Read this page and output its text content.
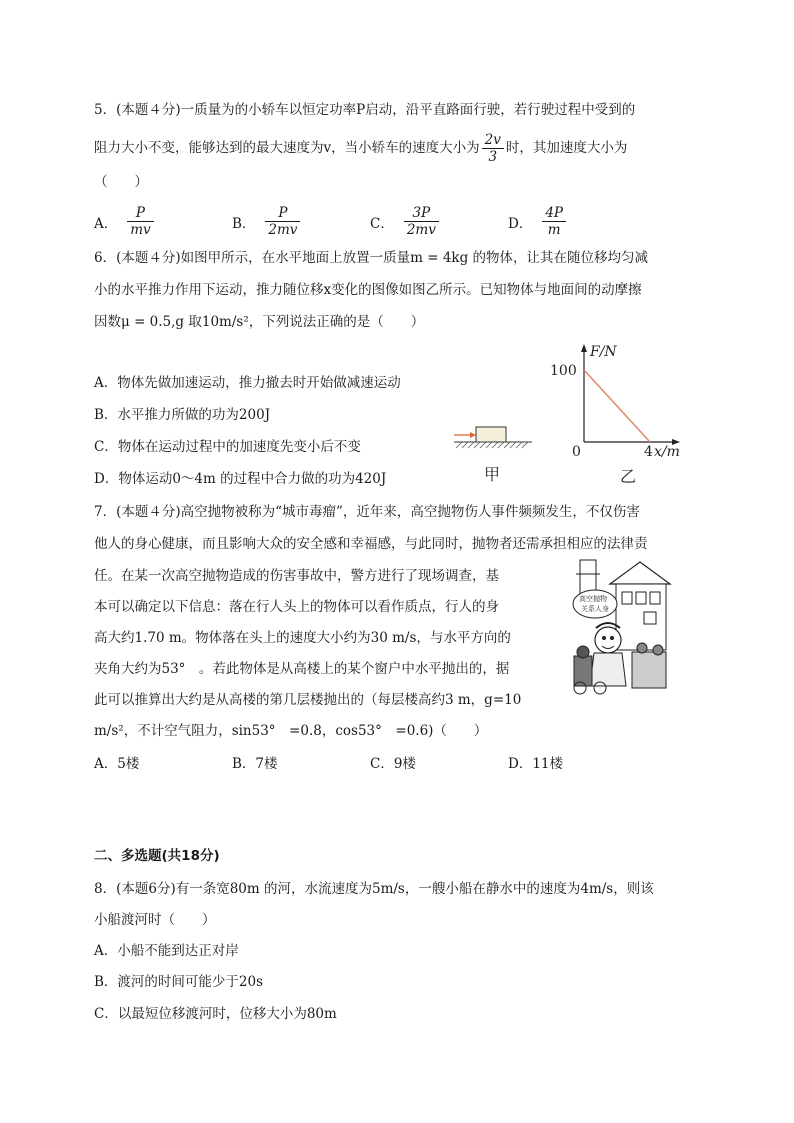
5．(本题４分)一质量为的小轿车以恒定功率P启动，沿平直路面行驶，若行驶过程中受到的
阻力大小不变，能够达到的最大速度为v，当小轿车的速度大小为 $\frac{2v}{3}$ 时，其加速度大小为
（　　）
A． $\frac{P}{mv}$	B． $\frac{P}{2mv}$	C． $\frac{3P}{2mv}$	D． $\frac{4P}{m}$
6．(本题４分)如图甲所示，在水平地面上放置一质量m = 4kg 的物体，让其在随位移均匀减
小的水平推力作用下运动，推力随位移x变化的图像如图乙所示。已知物体与地面间的动摩擦
因数μ = 0.5,g 取10m/s²，下列说法正确的是（　　）
A．物体先做加速运动，推力撤去时开始做减速运动
B．水平推力所做的功为200J
C．物体在运动过程中的加速度先变小后不变
D．物体运动0～4m 的过程中合力做的功为420J	甲
F/N
100
0	4 x/m
乙
7．(本题４分)高空抛物被称为“城市毒瘤”，近年来，高空抛物伤人事件频频发生，不仅伤害
他人的身心健康，而且影响大众的安全感和幸福感，与此同时，抛物者还需承担相应的法律责
任。在某一次高空抛物造成的伤害事故中，警方进行了现场调查，基
本可以确定以下信息：落在行人头上的物体可以看作质点，行人的身
高大约1.70 m。物体落在头上的速度大小约为30 m/s，与水平方向的
夹角大约为53°　。若此物体是从高楼上的某个窗户中水平抛出的，据
此可以推算出大约是从高楼的第几层楼抛出的（每层楼高约3 m，g=10
m/s²，不计空气阻力，sin53°　=0.8，cos53°　=0.6)（　　）
高空抛物
关系人身
A．5楼	B．7楼	C．9楼	D．11楼
二、多选题(共18分)
8．(本题6分)有一条宽80m 的河，水流速度为5m/s，一艘小船在静水中的速度为4m/s，则该
小船渡河时（　　）
A．小船不能到达正对岸
B．渡河的时间可能少于20s
C．以最短位移渡河时，位移大小为80m
